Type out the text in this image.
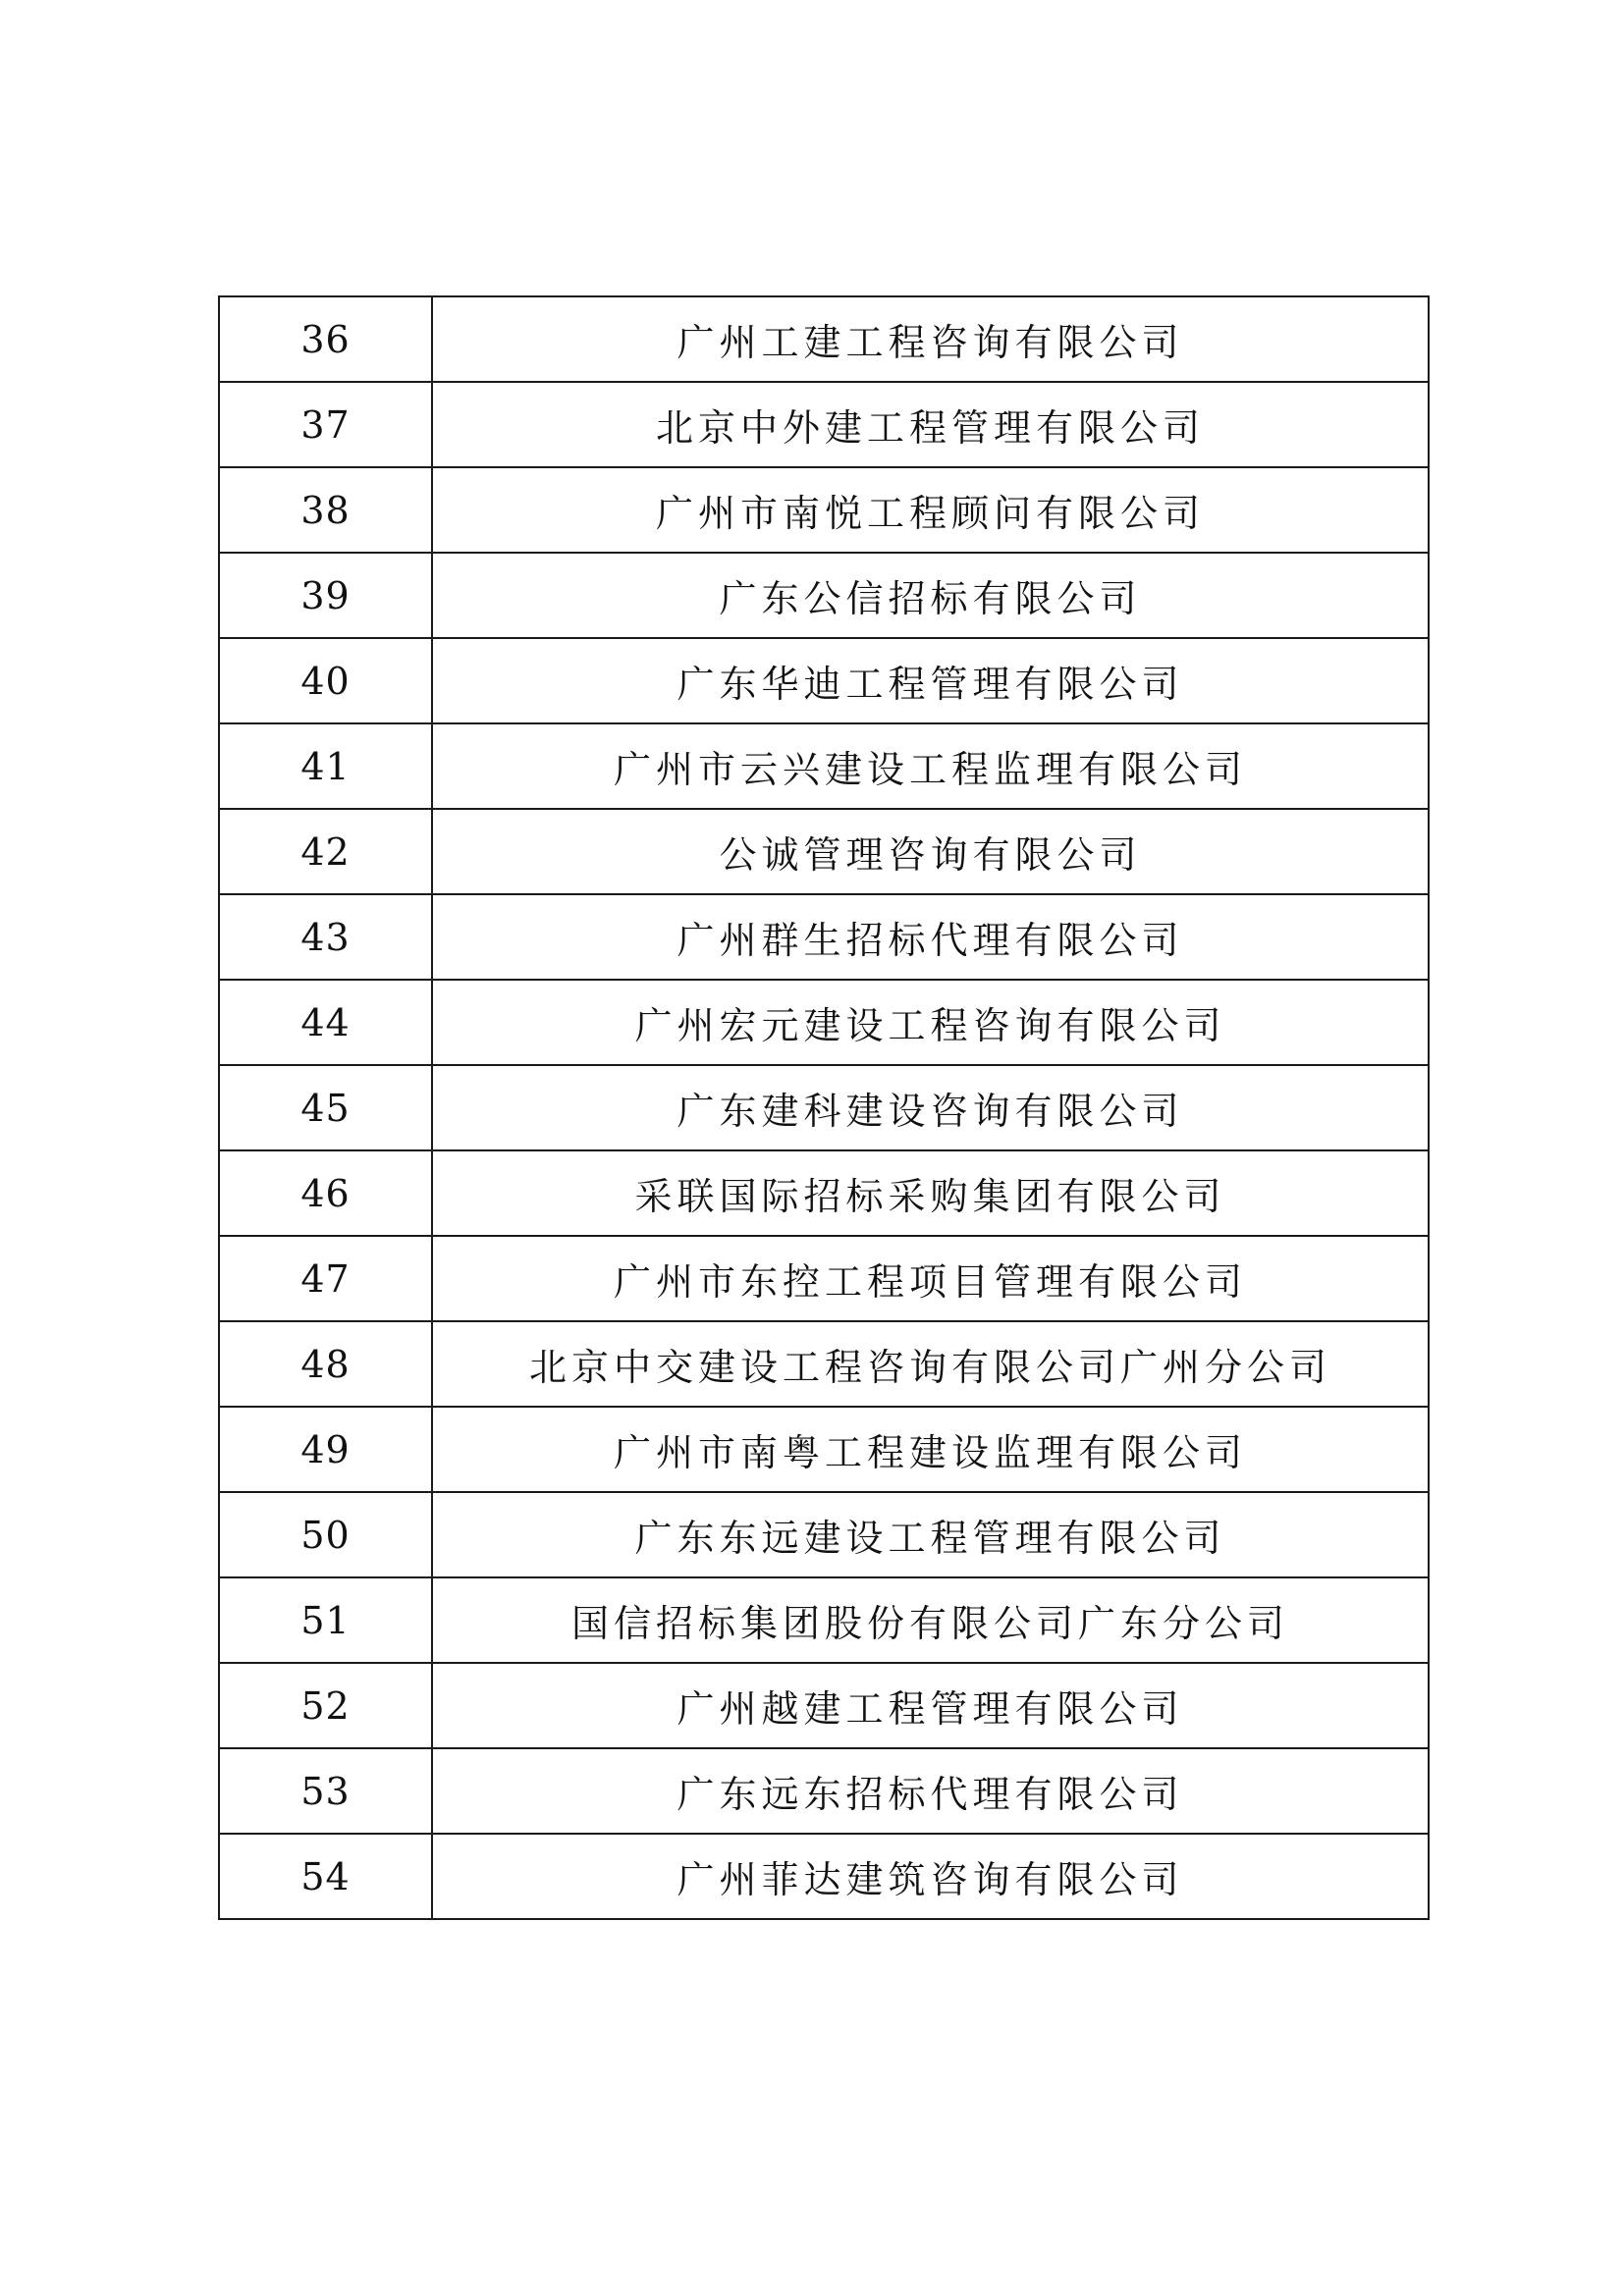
36	广州工建工程咨询有限公司
37	北京中外建工程管理有限公司
38	广州市南悦工程顾问有限公司
39	广东公信招标有限公司
40	广东华迪工程管理有限公司
41	广州市云兴建设工程监理有限公司
42	公诚管理咨询有限公司
43	广州群生招标代理有限公司
44	广州宏元建设工程咨询有限公司
45	广东建科建设咨询有限公司
46	采联国际招标采购集团有限公司
47	广州市东控工程项目管理有限公司
48	北京中交建设工程咨询有限公司广州分公司
49	广州市南粤工程建设监理有限公司
50	广东东远建设工程管理有限公司
51	国信招标集团股份有限公司广东分公司
52	广州越建工程管理有限公司
53	广东远东招标代理有限公司
54	广州菲达建筑咨询有限公司
